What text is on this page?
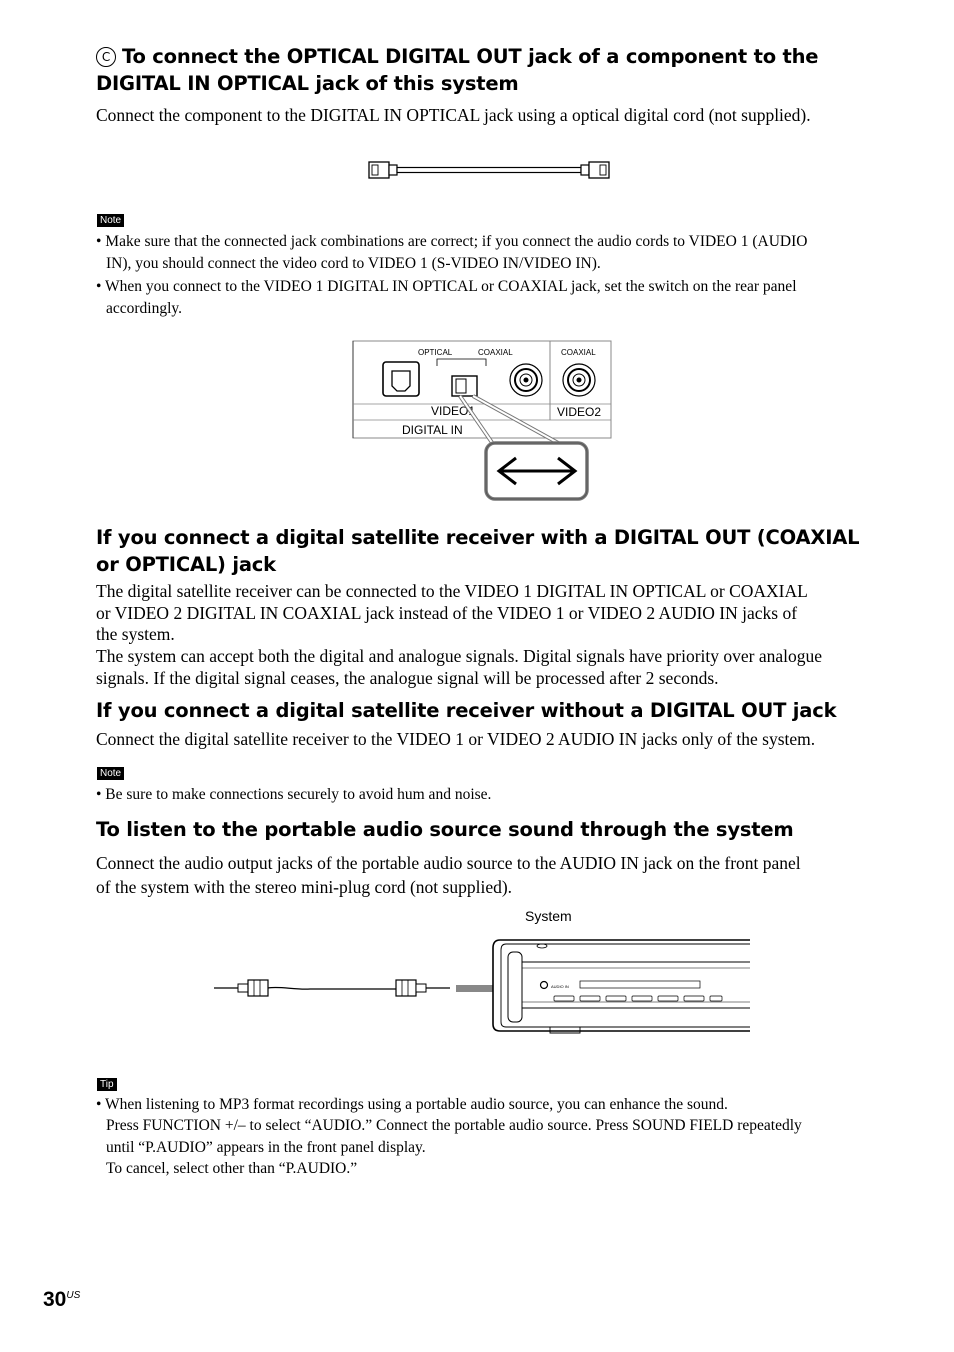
C To connect the OPTICAL DIGITAL OUT jack of a component to the
DIGITAL IN OPTICAL jack of this system
Connect the component to the DIGITAL IN OPTICAL jack using a optical digital cord (not supplied).
Note
• Make sure that the connected jack combinations are correct; if you connect the audio cords to VIDEO 1 (AUDIO
IN), you should connect the video cord to VIDEO 1 (S-VIDEO IN/VIDEO IN).
• When you connect to the VIDEO 1 DIGITAL IN OPTICAL or COAXIAL jack, set the switch on the rear panel
accordingly.
OPTICAL	COAXIAL	COAXIAL
VIDEO1	VIDEO2
DIGITAL IN
If you connect a digital satellite receiver with a DIGITAL OUT (COAXIAL
or OPTICAL) jack
The digital satellite receiver can be connected to the VIDEO 1 DIGITAL IN OPTICAL or COAXIAL
or VIDEO 2 DIGITAL IN COAXIAL jack instead of the VIDEO 1 or VIDEO 2 AUDIO IN jacks of
the system.
The system can accept both the digital and analogue signals. Digital signals have priority over analogue
signals. If the digital signal ceases, the analogue signal will be processed after 2 seconds.
If you connect a digital satellite receiver without a DIGITAL OUT jack
Connect the digital satellite receiver to the VIDEO 1 or VIDEO 2 AUDIO IN jacks only of the system.
Note
• Be sure to make connections securely to avoid hum and noise.
To listen to the portable audio source sound through the system
Connect the audio output jacks of the portable audio source to the AUDIO IN jack on the front panel
of the system with the stereo mini-plug cord (not supplied).
System
AUDIO IN
Tip
• When listening to MP3 format recordings using a portable audio source, you can enhance the sound.
Press FUNCTION +/– to select “AUDIO.” Connect the portable audio source. Press SOUND FIELD repeatedly
until “P.AUDIO” appears in the front panel display.
To cancel, select other than “P.AUDIO.”
$30^{US}$
